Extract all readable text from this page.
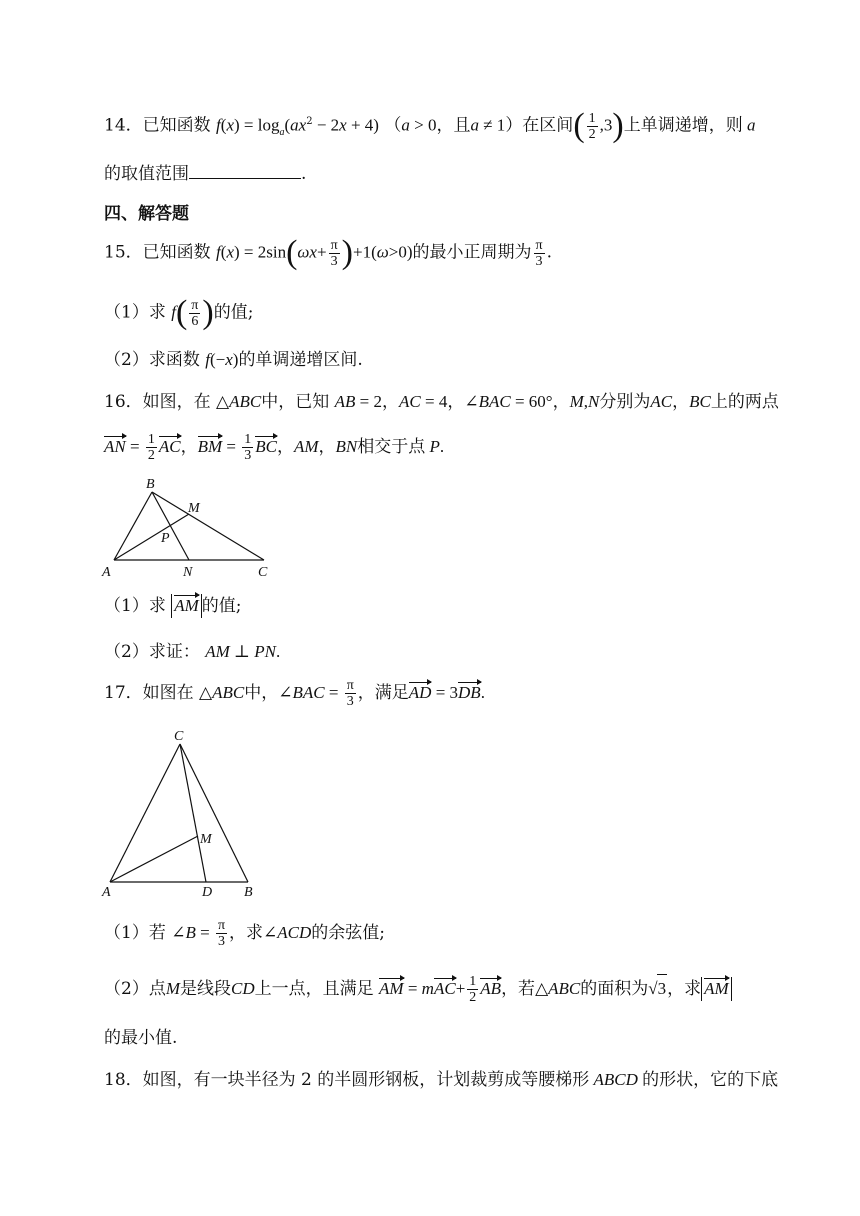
14．已知函数 $f(x) = \log_a(ax^2 - 2x + 4) (a > 0$，且a ≠ 1）在区间( $\frac{1}{2} ,3$)上单调递增，则 a
的取值范围	.
四、解答题
15．已知函数 $f(x) = 2\sin(\omega x+ \frac{\pi}{3} )+1(\omega>0)$的最小正周期为 $\frac{\pi}{3}$ .
（1）求 $f( \frac{\pi}{6}$ )的值;
（2）求函数 f(−x)的单调递增区间.
16．如图，在 △ABC中，已知 AB = 2，AC = 4，∠BAC = 60°，M,N分别为AC，BC上的两点
AN = $\frac{1}{2}$ AC，BM = $\frac{1}{3}$ BC，AM，BN相交于点 P.
A
B
C
M
N
P
（1）求 AM 的值;
（2）求证： AM ⊥ PN.
17．如图在 △ABC中，∠BAC = $\frac{\pi}{3}$ ，满足AD = 3DB.
C
A	D B
M
（1）若 ∠B = $\frac{\pi}{3}$ ，求∠ACD的余弦值;
（2）点M是线段CD上一点，且满足 AM = $mAC+ \frac{1}{2}$ AB，若△ABC的面积为√3，求 AM
的最小值.
18．如图，有一块半径为 2 的半圆形钢板，计划裁剪成等腰梯形 ABCD 的形状，它的下底
